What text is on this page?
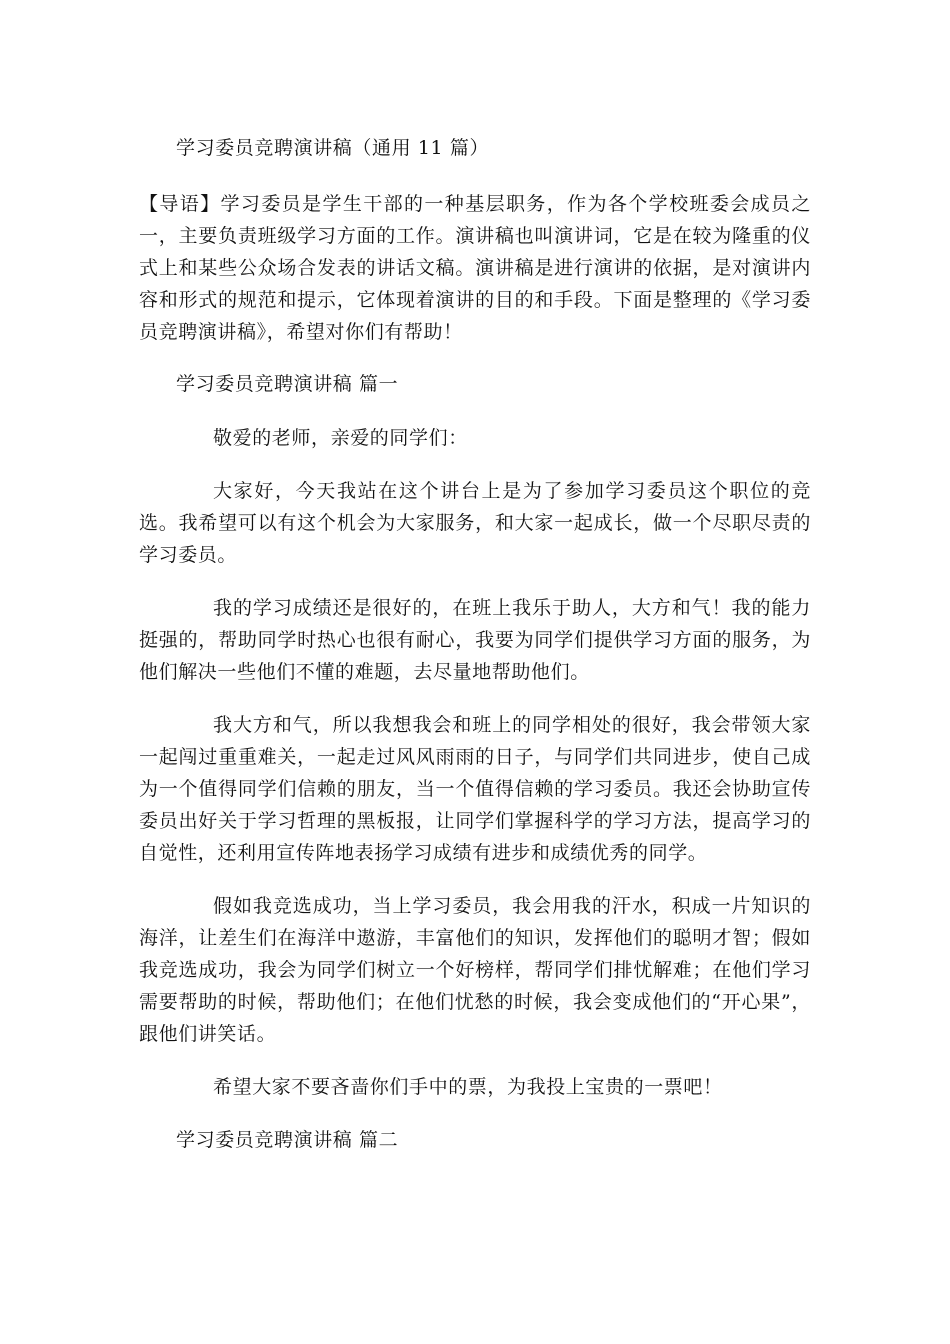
学习委员竞聘演讲稿（通用 11 篇）

【导语】学习委员是学生干部的一种基层职务，作为各个学校班委会成员之一，主要负责班级学习方面的工作。演讲稿也叫演讲词，它是在较为隆重的仪式上和某些公众场合发表的讲话文稿。演讲稿是进行演讲的依据，是对演讲内容和形式的规范和提示，它体现着演讲的目的和手段。下面是整理的《学习委员竞聘演讲稿》，希望对你们有帮助！

学习委员竞聘演讲稿 篇一

敬爱的老师，亲爱的同学们：

大家好，今天我站在这个讲台上是为了参加学习委员这个职位的竞选。我希望可以有这个机会为大家服务，和大家一起成长，做一个尽职尽责的学习委员。

我的学习成绩还是很好的，在班上我乐于助人，大方和气！我的能力挺强的，帮助同学时热心也很有耐心，我要为同学们提供学习方面的服务，为他们解决一些他们不懂的难题，去尽量地帮助他们。

我大方和气，所以我想我会和班上的同学相处的很好，我会带领大家一起闯过重重难关，一起走过风风雨雨的日子，与同学们共同进步，使自己成为一个值得同学们信赖的朋友，当一个值得信赖的学习委员。我还会协助宣传委员出好关于学习哲理的黑板报，让同学们掌握科学的学习方法，提高学习的自觉性，还利用宣传阵地表扬学习成绩有进步和成绩优秀的同学。

假如我竞选成功，当上学习委员，我会用我的汗水，积成一片知识的海洋，让差生们在海洋中遨游，丰富他们的知识，发挥他们的聪明才智；假如我竞选成功，我会为同学们树立一个好榜样，帮同学们排忧解难；在他们学习需要帮助的时候，帮助他们；在他们忧愁的时候，我会变成他们的“开心果”，跟他们讲笑话。

希望大家不要吝啬你们手中的票，为我投上宝贵的一票吧！

学习委员竞聘演讲稿 篇二
